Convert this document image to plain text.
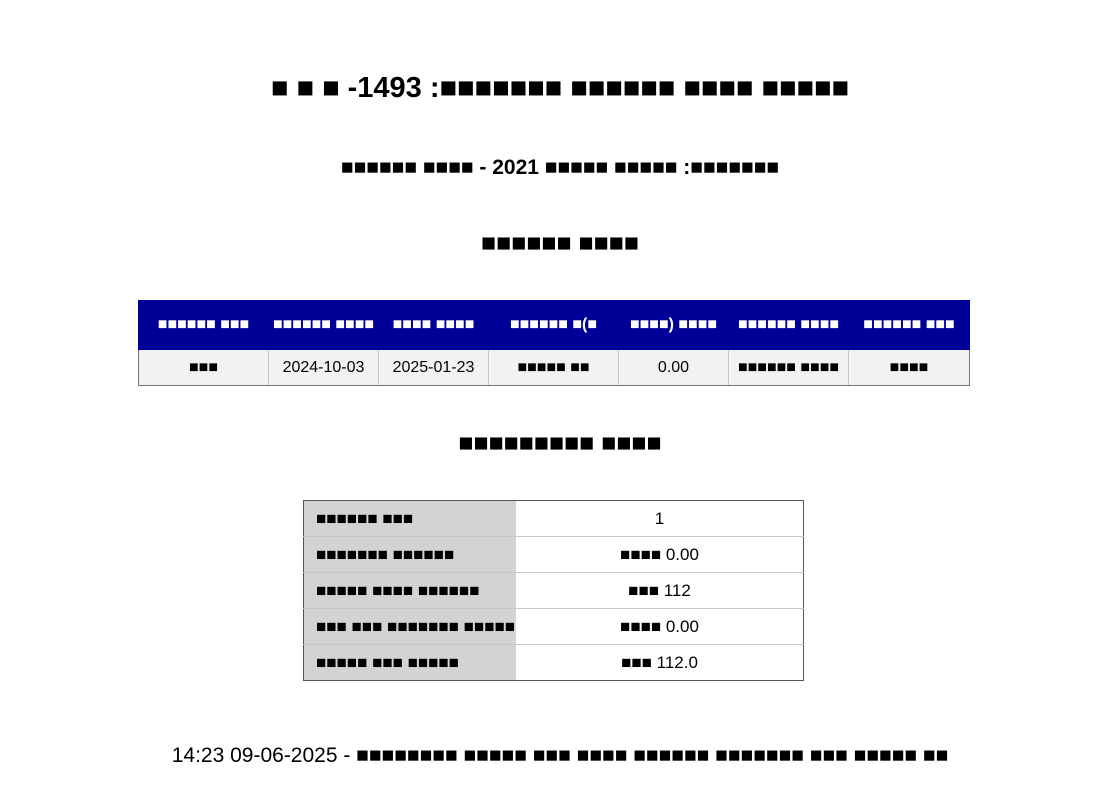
■ ■ ■ -1493 :■■■■■■■ ■■■■■■ ■■■■ ■■■■■
■■■■■■ ■■■■ - 2021 ■■■■■ ■■■■■ :■■■■■■■
■■■■■■ ■■■■
■■■■■■ ■■■	■■■■■■ ■■■■	■■■■ ■■■■	■■■■■■ ■(■	■■■■) ■■■■	■■■■■■ ■■■■	■■■■■■ ■■■
■■■	2024-10-03	2025-01-23	■■■■■ ■■	0.00	■■■■■■ ■■■■	■■■■
■■■■■■■■■ ■■■■
■■■■■■ ■■■	1
■■■■■■■ ■■■■■■	■■■■ 0.00
■■■■■ ■■■■ ■■■■■■	■■■ 112
■■■ ■■■ ■■■■■■■ ■■■■■	■■■■ 0.00
■■■■■ ■■■ ■■■■■	■■■ 112.0
14:23 09-06-2025 - ■■■■■■■■ ■■■■■ ■■■ ■■■■ ■■■■■■ ■■■■■■■ ■■■ ■■■■■ ■■
